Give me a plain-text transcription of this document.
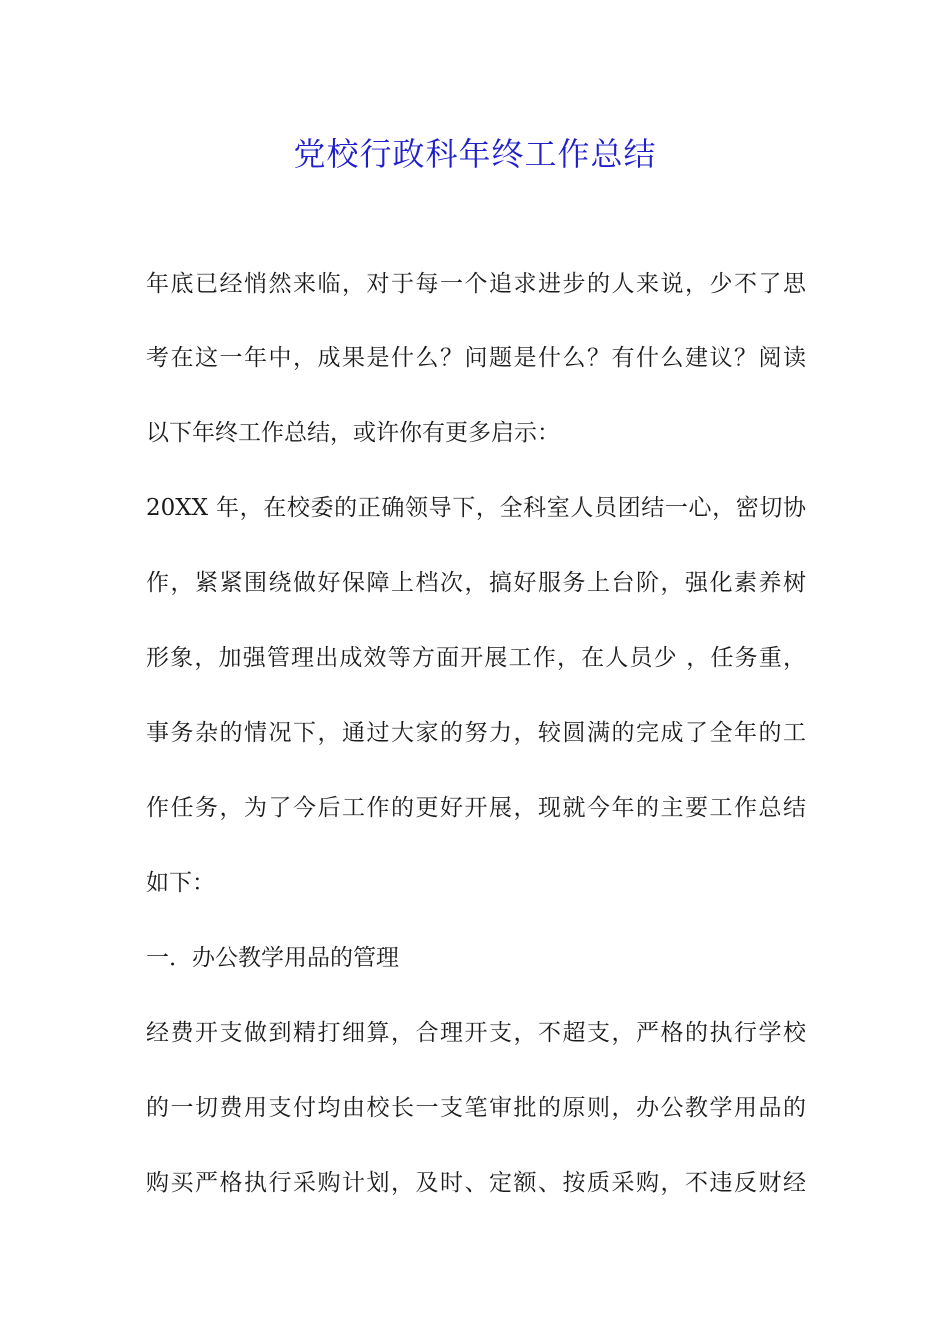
党校行政科年终工作总结
年底已经悄然来临，对于每一个追求进步的人来说，少不了思
考在这一年中，成果是什么？问题是什么？有什么建议？阅读
以下年终工作总结，或许你有更多启示：
20XX 年，在校委的正确领导下，全科室人员团结一心，密切协
作，紧紧围绕做好保障上档次，搞好服务上台阶，强化素养树
形象，加强管理出成效等方面开展工作，在人员少 ，任务重，
事务杂的情况下，通过大家的努力，较圆满的完成了全年的工
作任务，为了今后工作的更好开展，现就今年的主要工作总结
如下：
一．办公教学用品的管理
经费开支做到精打细算，合理开支，不超支，严格的执行学校
的一切费用支付均由校长一支笔审批的原则，办公教学用品的
购买严格执行采购计划，及时、定额、按质采购，不违反财经
